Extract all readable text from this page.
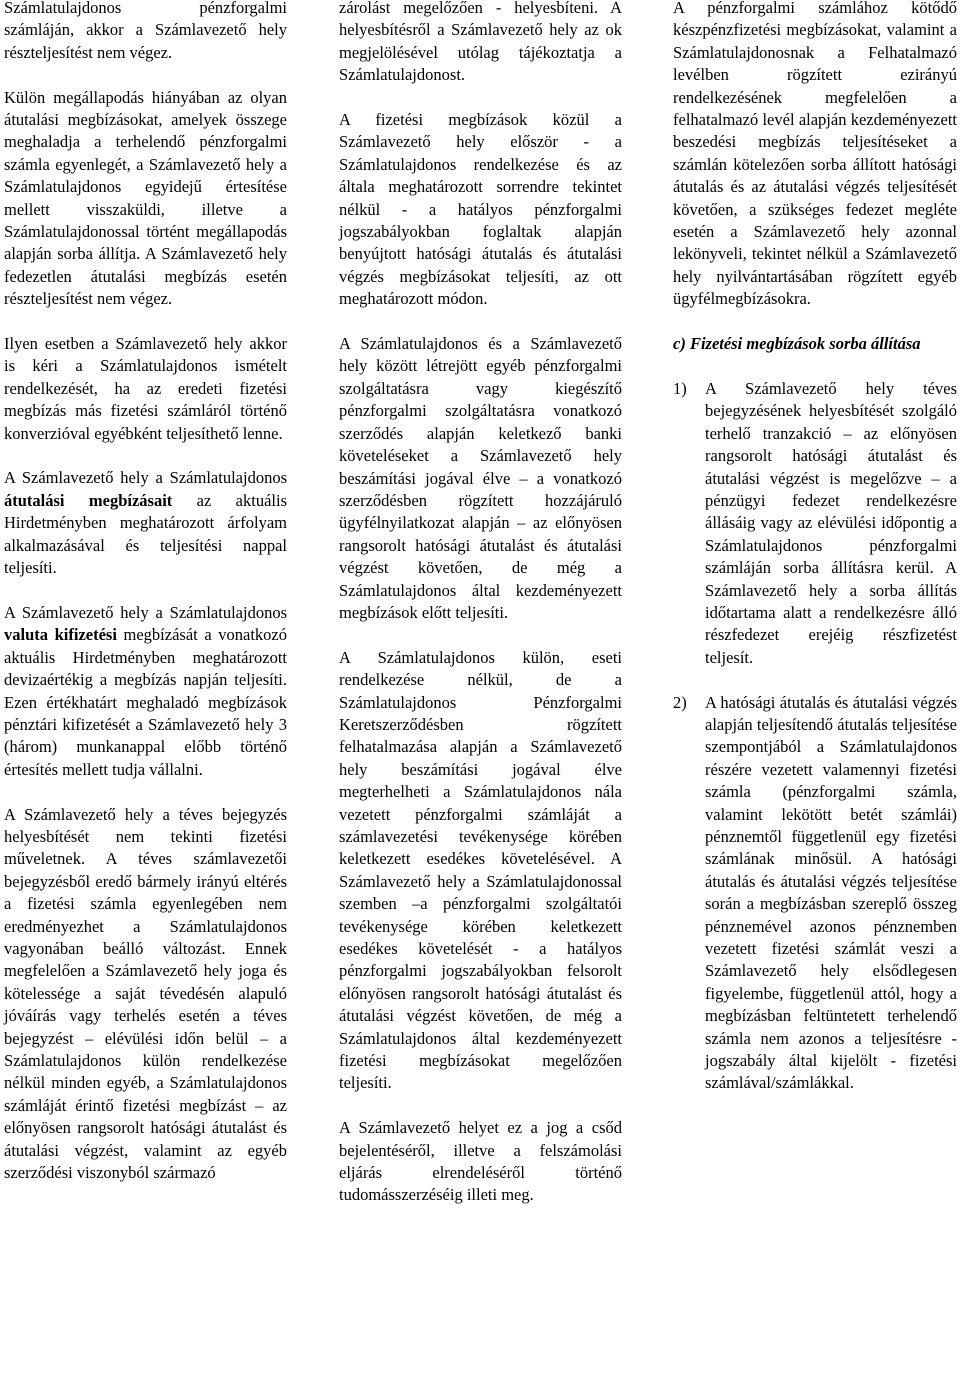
Számlatulajdonos pénzforgalmi számláján, akkor a Számlavezető hely részteljesítést nem végez.

Külön megállapodás hiányában az olyan átutalási megbízásokat, amelyek összege meghaladja a terhelendő pénzforgalmi számla egyenlegét, a Számlavezető hely a Számlatulajdonos egyidejű értesítése mellett visszaküldi, illetve a Számlatulajdonossal történt megállapodás alapján sorba állítja. A Számlavezető hely fedezetlen átutalási megbízás esetén részteljesítést nem végez.

Ilyen esetben a Számlavezető hely akkor is kéri a Számlatulajdonos ismételt rendelkezését, ha az eredeti fizetési megbízás más fizetési számláról történő konverzióval egyébként teljesíthető lenne.

A Számlavezető hely a Számlatulajdonos átutalási megbízásait az aktuális Hirdetményben meghatározott árfolyam alkalmazásával és teljesítési nappal teljesíti.

A Számlavezető hely a Számlatulajdonos valuta kifizetési megbízását a vonatkozó aktuális Hirdetményben meghatározott devizaértékig a megbízás napján teljesíti. Ezen értékhatárt meghaladó megbízások pénztári kifizetését a Számlavezető hely 3 (három) munkanappal előbb történő értesítés mellett tudja vállalni.

A Számlavezető hely a téves bejegyzés helyesbítését nem tekinti fizetési műveletnek. A téves számlavezetői bejegyzésből eredő bármely irányú eltérés a fizetési számla egyenlegében nem eredményezhet a Számlatulajdonos vagyonában beálló változást. Ennek megfelelően a Számlavezető hely joga és kötelessége a saját tévedésén alapuló jóváírás vagy terhelés esetén a téves bejegyzést – elévülési időn belül – a Számlatulajdonos külön rendelkezése nélkül minden egyéb, a Számlatulajdonos számláját érintő fizetési megbízást – az előnyösen rangsorolt hatósági átutalást és átutalási végzést, valamint az egyéb szerződési viszonyból származó

zárolást megelőzően - helyesbíteni. A helyesbítésről a Számlavezető hely az ok megjelölésével utólag tájékoztatja a Számlatulajdonost.

A fizetési megbízások közül a Számlavezető hely először - a Számlatulajdonos rendelkezése és az általa meghatározott sorrendre tekintet nélkül - a hatályos pénzforgalmi jogszabályokban foglaltak alapján benyújtott hatósági átutalás és átutalási végzés megbízásokat teljesíti, az ott meghatározott módon.

A Számlatulajdonos és a Számlavezető hely között létrejött egyéb pénzforgalmi szolgáltatásra vagy kiegészítő pénzforgalmi szolgáltatásra vonatkozó szerződés alapján keletkező banki követeléseket a Számlavezető hely beszámítási jogával élve – a vonatkozó szerződésben rögzített hozzájáruló ügyfélnyilatkozat alapján – az előnyösen rangsorolt hatósági átutalást és átutalási végzést követően, de még a Számlatulajdonos által kezdeményezett megbízások előtt teljesíti.

A Számlatulajdonos külön, eseti rendelkezése nélkül, de a Számlatulajdonos Pénzforgalmi Keretszerződésben rögzített felhatalmazása alapján a Számlavezető hely beszámítási jogával élve megterhelheti a Számlatulajdonos nála vezetett pénzforgalmi számláját a számlavezetési tevékenysége körében keletkezett esedékes követelésével. A Számlavezető hely a Számlatulajdonossal szemben –a pénzforgalmi szolgáltatói tevékenysége körében keletkezett esedékes követelését - a hatályos pénzforgalmi jogszabályokban felsorolt előnyösen rangsorolt hatósági átutalást és átutalási végzést követően, de még a Számlatulajdonos által kezdeményezett fizetési megbízásokat megelőzően teljesíti.

A Számlavezető helyet ez a jog a csőd bejelentéséről, illetve a felszámolási eljárás elrendeléséről történő tudomásszerzéséig illeti meg.

A pénzforgalmi számlához kötődő készpénzfizetési megbízásokat, valamint a Számlatulajdonosnak a Felhatalmazó levélben rögzített ezirányú rendelkezésének megfelelően a felhatalmazó levél alapján kezdeményezett beszedési megbízás teljesítéseket a számlán kötelezően sorba állított hatósági átutalás és az átutalási végzés teljesítését követően, a szükséges fedezet megléte esetén a Számlavezető hely azonnal lekönyveli, tekintet nélkül a Számlavezető hely nyilvántartásában rögzített egyéb ügyfélmegbízásokra.

c) Fizetési megbízások sorba állítása
1) A Számlavezető hely téves bejegyzésének helyesbítését szolgáló terhelő tranzakció – az előnyösen rangsorolt hatósági átutalást és átutalási végzést is megelőzve – a pénzügyi fedezet rendelkezésre állásáig vagy az elévülési időpontig a Számlatulajdonos pénzforgalmi számláján sorba állításra kerül. A Számlavezető hely a sorba állítás időtartama alatt a rendelkezésre álló részfedezet erejéig részfizetést teljesít.
2) A hatósági átutalás és átutalási végzés alapján teljesítendő átutalás teljesítése szempontjából a Számlatulajdonos részére vezetett valamennyi fizetési számla (pénzforgalmi számla, valamint lekötött betét számlái) pénznemtől függetlenül egy fizetési számlának minősül. A hatósági átutalás és átutalási végzés teljesítése során a megbízásban szereplő összeg pénznemével azonos pénznemben vezetett fizetési számlát veszi a Számlavezető hely elsődlegesen figyelembe, függetlenül attól, hogy a megbízásban feltüntetett terhelendő számla nem azonos a teljesítésre - jogszabály által kijelölt - fizetési számlával/számlákkal.
